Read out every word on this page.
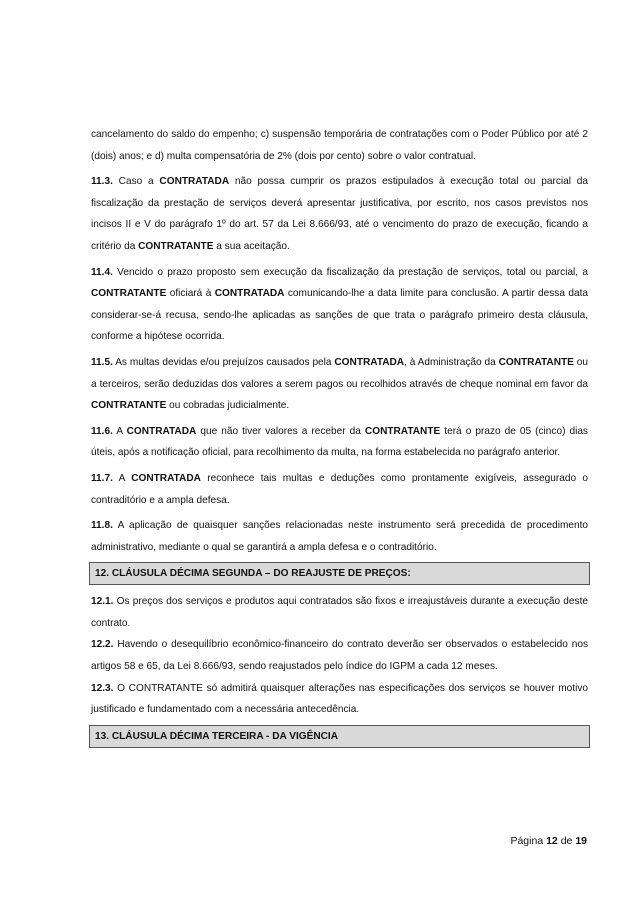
cancelamento do saldo do empenho; c) suspensão temporária de contratações com o Poder Público por até 2 (dois) anos; e d) multa compensatória de 2% (dois por cento) sobre o valor contratual.

11.3. Caso a CONTRATADA não possa cumprir os prazos estipulados à execução total ou parcial da fiscalização da prestação de serviços deverá apresentar justificativa, por escrito, nos casos previstos nos incisos II e V do parágrafo 1º do art. 57 da Lei 8.666/93, até o vencimento do prazo de execução, ficando a critério da CONTRATANTE a sua aceitação.

11.4. Vencido o prazo proposto sem execução da fiscalização da prestação de serviços, total ou parcial, a CONTRATANTE oficiará à CONTRATADA comunicando-lhe a data limite para conclusão. A partir dessa data considerar-se-á recusa, sendo-lhe aplicadas as sanções de que trata o parágrafo primeiro desta cláusula, conforme a hipótese ocorrida.

11.5. As multas devidas e/ou prejuízos causados pela CONTRATADA, à Administração da CONTRATANTE ou a terceiros, serão deduzidas dos valores a serem pagos ou recolhidos através de cheque nominal em favor da CONTRATANTE ou cobradas judicialmente.

11.6. A CONTRATADA que não tiver valores a receber da CONTRATANTE terá o prazo de 05 (cinco) dias úteis, após a notificação oficial, para recolhimento da multa, na forma estabelecida no parágrafo anterior.

11.7. A CONTRATADA reconhece tais multas e deduções como prontamente exigíveis, assegurado o contraditório e a ampla defesa.

11.8. A aplicação de quaisquer sanções relacionadas neste instrumento será precedida de procedimento administrativo, mediante o qual se garantirá a ampla defesa e o contraditório.

12. CLÁUSULA DÉCIMA SEGUNDA – DO REAJUSTE DE PREÇOS:

12.1. Os preços dos serviços e produtos aqui contratados são fixos e irreajustáveis durante a execução deste contrato.

12.2. Havendo o desequilíbrio econômico-financeiro do contrato deverão ser observados o estabelecido nos artigos 58 e 65, da Lei 8.666/93, sendo reajustados pelo índice do IGPM a cada 12 meses.

12.3. O CONTRATANTE só admitirá quaisquer alterações nas especificações dos serviços se houver motivo justificado e fundamentado com a necessária antecedência.

13. CLÁUSULA DÉCIMA TERCEIRA - DA VIGÊNCIA
Página 12 de 19
